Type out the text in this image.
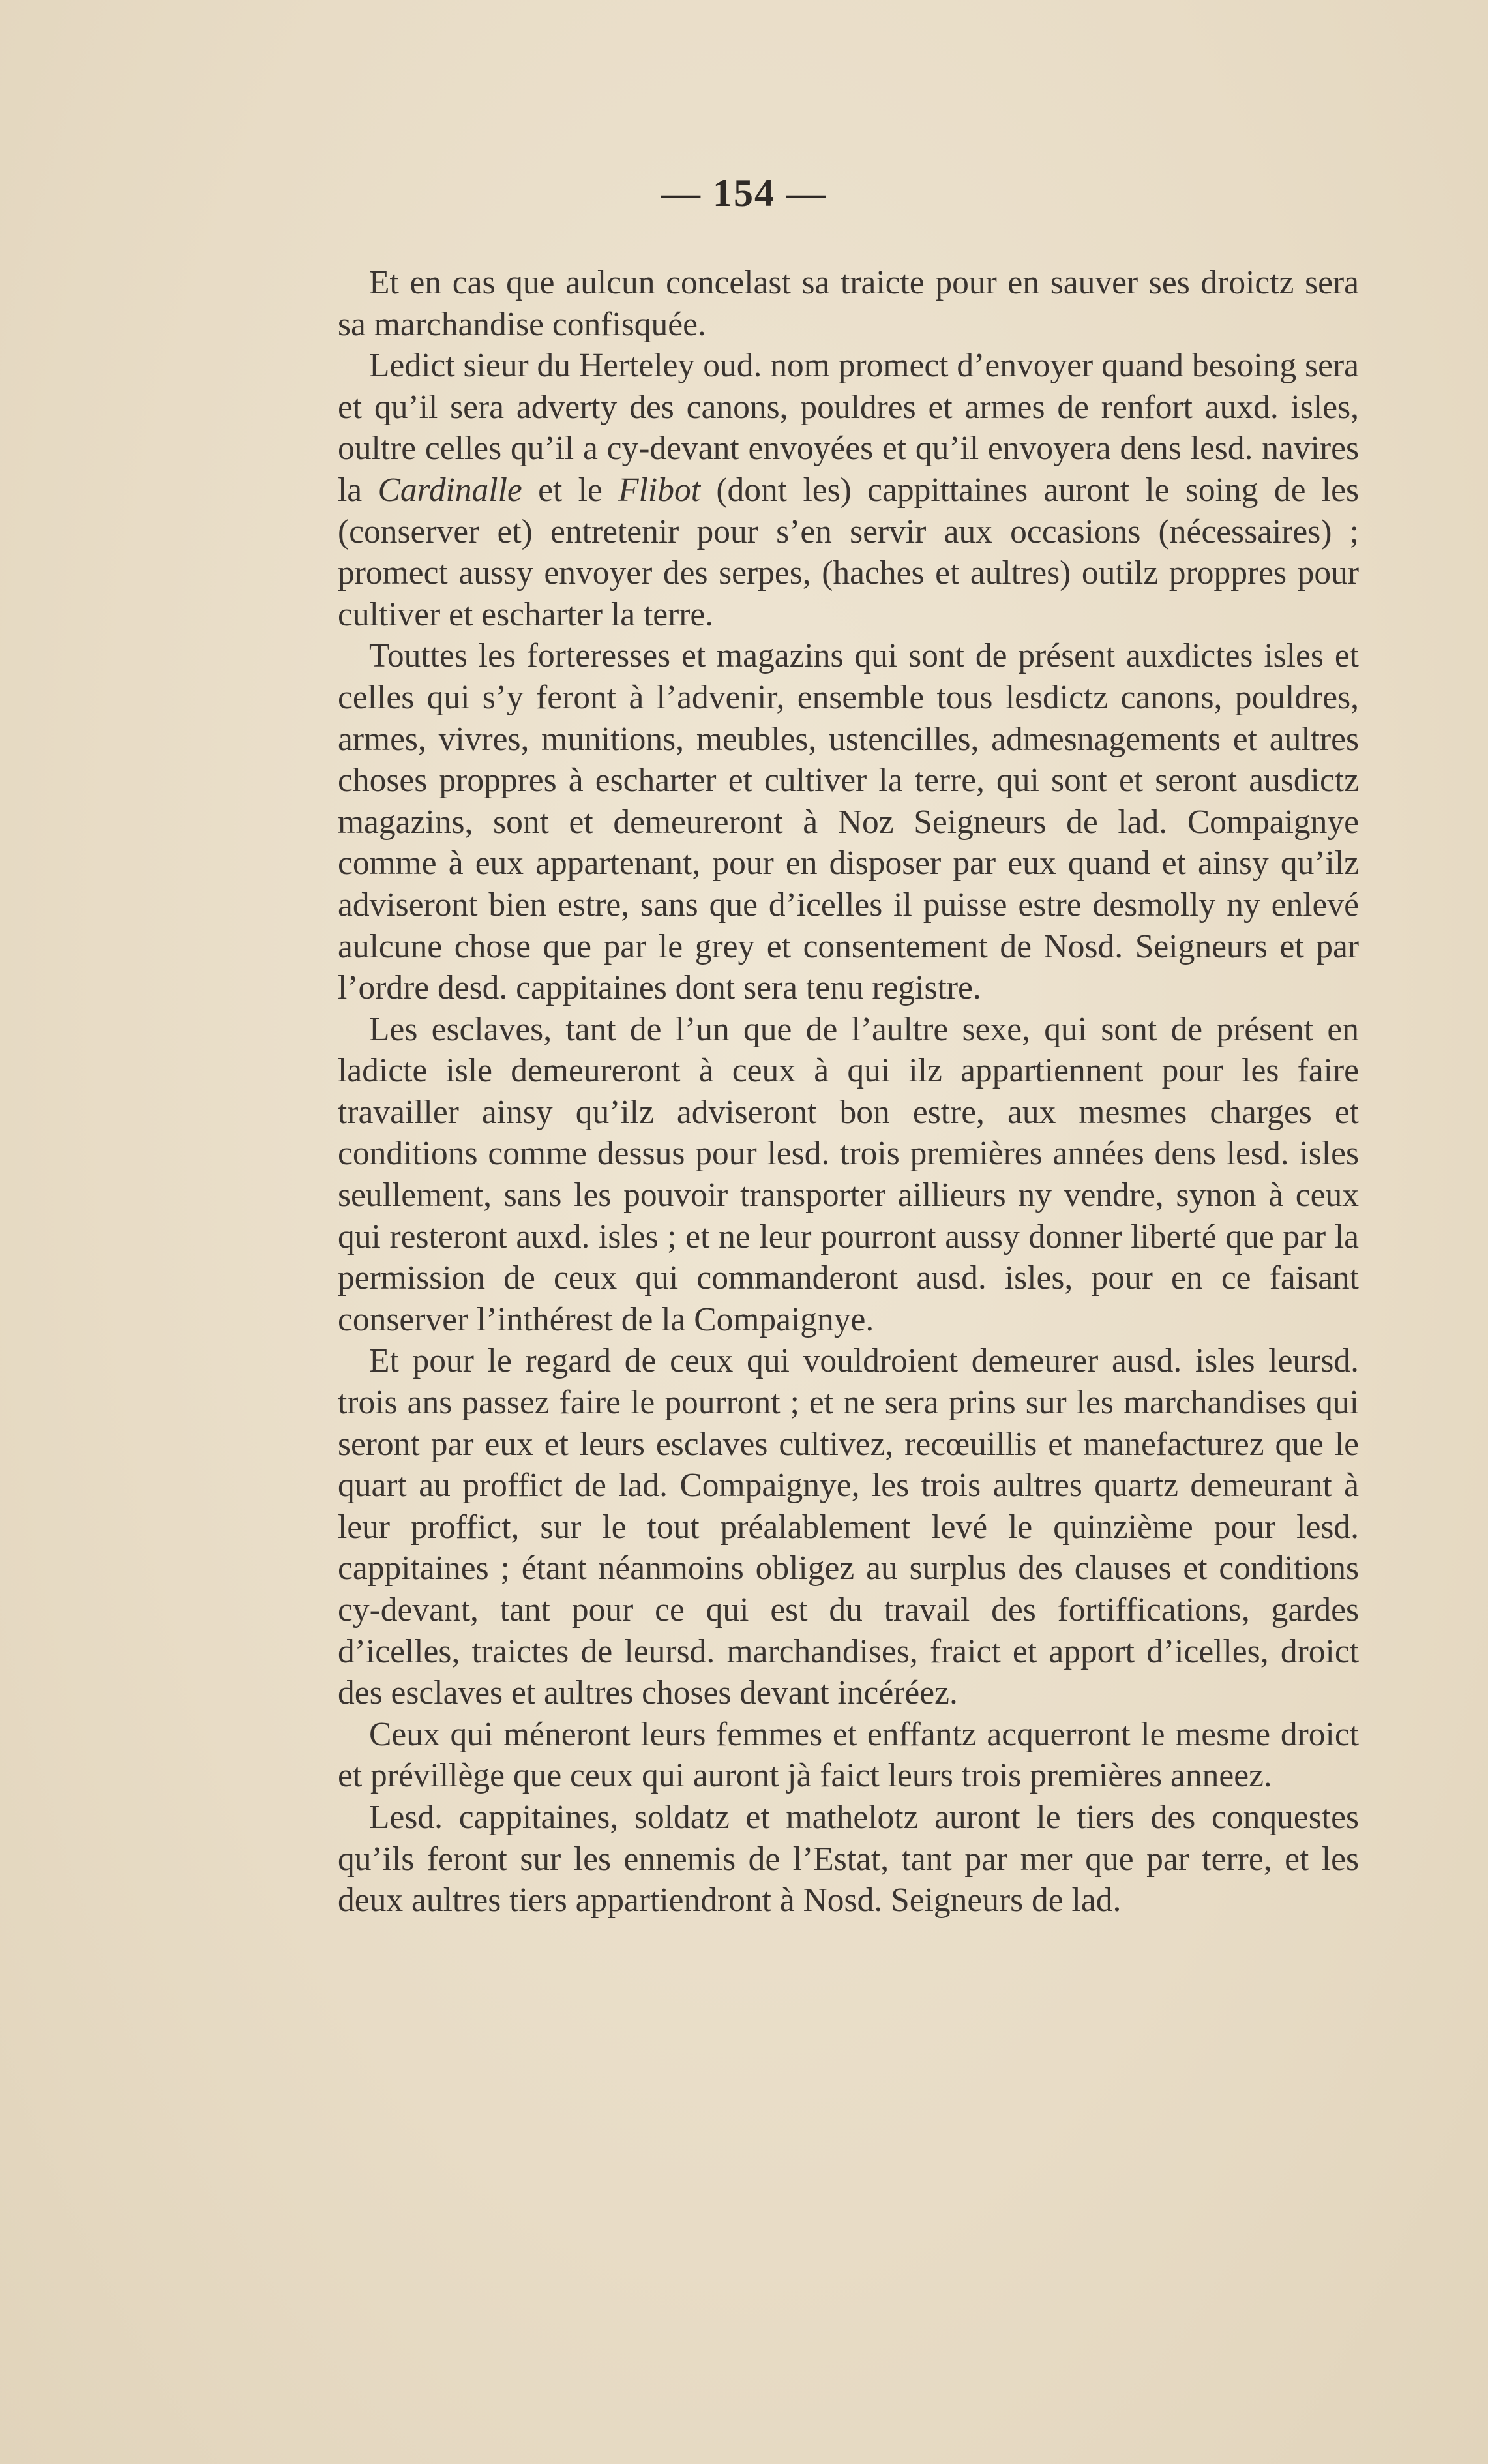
— 154 —

Et en cas que aulcun concelast sa traicte pour en sauver ses droictz sera sa marchandise confisquée.

Ledict sieur du Herteley oud. nom promect d’envoyer quand besoing sera et qu’il sera adverty des canons, pouldres et armes de renfort auxd. isles, oultre celles qu’il a cy-devant envoyées et qu’il envoyera dens lesd. navires la Cardinalle et le Flibot (dont les) cappittaines auront le soing de les (conserver et) entretenir pour s’en servir aux occasions (nécessaires) ; promect aussy envoyer des serpes, (haches et aultres) outilz proppres pour cultiver et escharter la terre.

Touttes les forteresses et magazins qui sont de présent auxdictes isles et celles qui s’y feront à l’advenir, ensemble tous lesdictz canons, pouldres, armes, vivres, munitions, meubles, ustencilles, admesnagements et aultres choses proppres à escharter et cultiver la terre, qui sont et seront ausdictz magazins, sont et demeureront à Noz Seigneurs de lad. Compaignye comme à eux appartenant, pour en disposer par eux quand et ainsy qu’ilz adviseront bien estre, sans que d’icelles il puisse estre desmolly ny enlevé aulcune chose que par le grey et consentement de Nosd. Seigneurs et par l’ordre desd. cappitaines dont sera tenu registre.

Les esclaves, tant de l’un que de l’aultre sexe, qui sont de présent en ladicte isle demeureront à ceux à qui ilz appartiennent pour les faire travailler ainsy qu’ilz adviseront bon estre, aux mesmes charges et conditions comme dessus pour lesd. trois premières années dens lesd. isles seullement, sans les pouvoir transporter aillieurs ny vendre, synon à ceux qui resteront auxd. isles ; et ne leur pourront aussy donner liberté que par la permission de ceux qui commanderont ausd. isles, pour en ce faisant conserver l’inthérest de la Compaignye.

Et pour le regard de ceux qui vouldroient demeurer ausd. isles leursd. trois ans passez faire le pourront ; et ne sera prins sur les marchandises qui seront par eux et leurs esclaves cultivez, recœuillis et manefacturez que le quart au proffict de lad. Compaignye, les trois aultres quartz demeurant à leur proffict, sur le tout préalablement levé le quinzième pour lesd. cappitaines ; étant néanmoins obligez au surplus des clauses et conditions cy-devant, tant pour ce qui est du travail des fortiffications, gardes d’icelles, traictes de leursd. marchandises, fraict et apport d’icelles, droict des esclaves et aultres choses devant incéréez.

Ceux qui méneront leurs femmes et enffantz acquerront le mesme droict et prévillège que ceux qui auront jà faict leurs trois premières anneez.

Lesd. cappitaines, soldatz et mathelotz auront le tiers des conquestes qu’ils feront sur les ennemis de l’Estat, tant par mer que par terre, et les deux aultres tiers appartiendront à Nosd. Seigneurs de lad.
